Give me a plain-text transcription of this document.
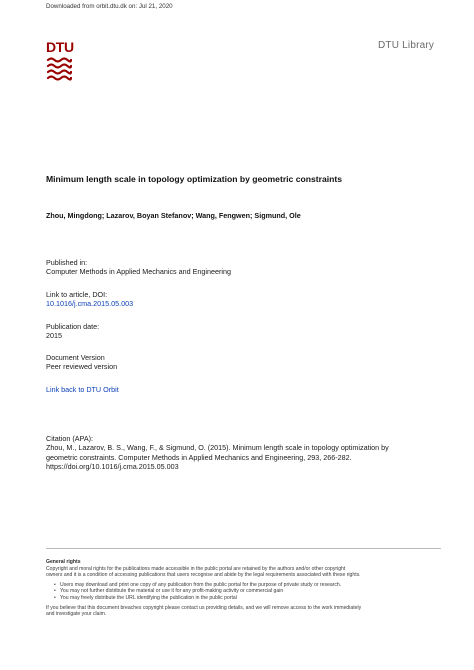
Downloaded from orbit.dtu.dk on: Jul 21, 2020
DTU	DTU Library
Minimum length scale in topology optimization by geometric constraints
Zhou, Mingdong; Lazarov, Boyan Stefanov; Wang, Fengwen; Sigmund, Ole
Published in:
Computer Methods in Applied Mechanics and Engineering
Link to article, DOI:
10.1016/j.cma.2015.05.003
Publication date:
2015
Document Version
Peer reviewed version
Link back to DTU Orbit
Citation (APA):
Zhou, M., Lazarov, B. S., Wang, F., & Sigmund, O. (2015). Minimum length scale in topology optimization by
geometric constraints. Computer Methods in Applied Mechanics and Engineering, 293, 266-282.
https://doi.org/10.1016/j.cma.2015.05.003
General rights

Copyright and moral rights for the publications made accessible in the public portal are retained by the authors and/or other copyright

owners and it is a condition of accessing publications that users recognise and abide by the legal requirements associated with these rights.

• Users may download and print one copy of any publication from the public portal for the purpose of private study or research.
• You may not further distribute the material or use it for any profit-making activity or commercial gain
• You may freely distribute the URL identifying the publication in the public portal

If you believe that this document breaches copyright please contact us providing details, and we will remove access to the work immediately

and investigate your claim.
